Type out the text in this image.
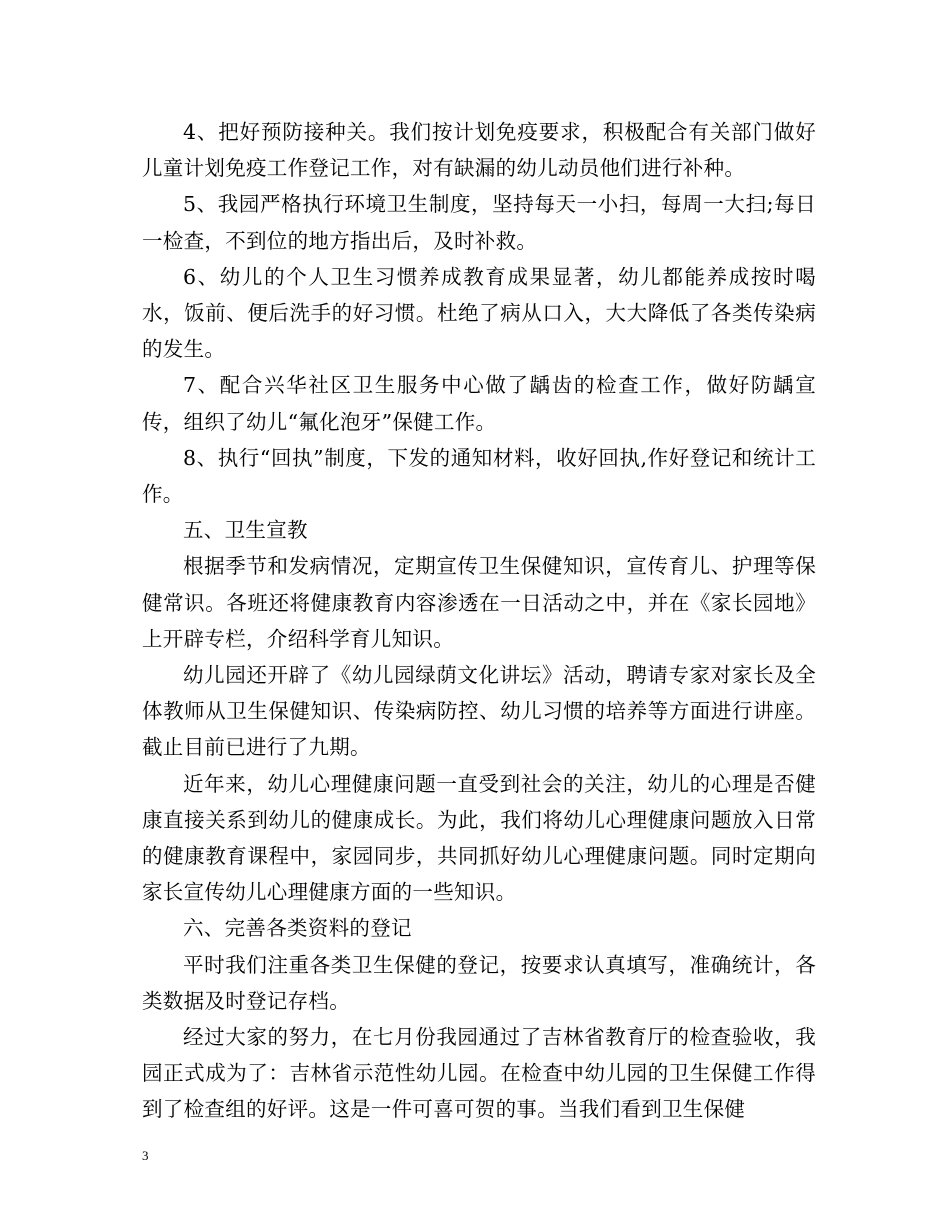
4、把好预防接种关。我们按计划免疫要求，积极配合有关部门做好儿童计划免疫工作登记工作，对有缺漏的幼儿动员他们进行补种。

5、我园严格执行环境卫生制度，坚持每天一小扫，每周一大扫;每日一检查，不到位的地方指出后，及时补救。

6、幼儿的个人卫生习惯养成教育成果显著，幼儿都能养成按时喝水，饭前、便后洗手的好习惯。杜绝了病从口入，大大降低了各类传染病的发生。

7、配合兴华社区卫生服务中心做了龋齿的检查工作，做好防龋宣传，组织了幼儿“氟化泡牙”保健工作。

8、执行“回执”制度，下发的通知材料，收好回执,作好登记和统计工作。

五、卫生宣教

根据季节和发病情况，定期宣传卫生保健知识，宣传育儿、护理等保健常识。各班还将健康教育内容渗透在一日活动之中，并在《家长园地》上开辟专栏，介绍科学育儿知识。

幼儿园还开辟了《幼儿园绿荫文化讲坛》活动，聘请专家对家长及全体教师从卫生保健知识、传染病防控、幼儿习惯的培养等方面进行讲座。截止目前已进行了九期。

近年来，幼儿心理健康问题一直受到社会的关注，幼儿的心理是否健康直接关系到幼儿的健康成长。为此，我们将幼儿心理健康问题放入日常的健康教育课程中，家园同步，共同抓好幼儿心理健康问题。同时定期向家长宣传幼儿心理健康方面的一些知识。

六、完善各类资料的登记

平时我们注重各类卫生保健的登记，按要求认真填写，准确统计，各类数据及时登记存档。

经过大家的努力，在七月份我园通过了吉林省教育厅的检查验收，我园正式成为了：吉林省示范性幼儿园。在检查中幼儿园的卫生保健工作得到了检查组的好评。这是一件可喜可贺的事。当我们看到卫生保健

3
